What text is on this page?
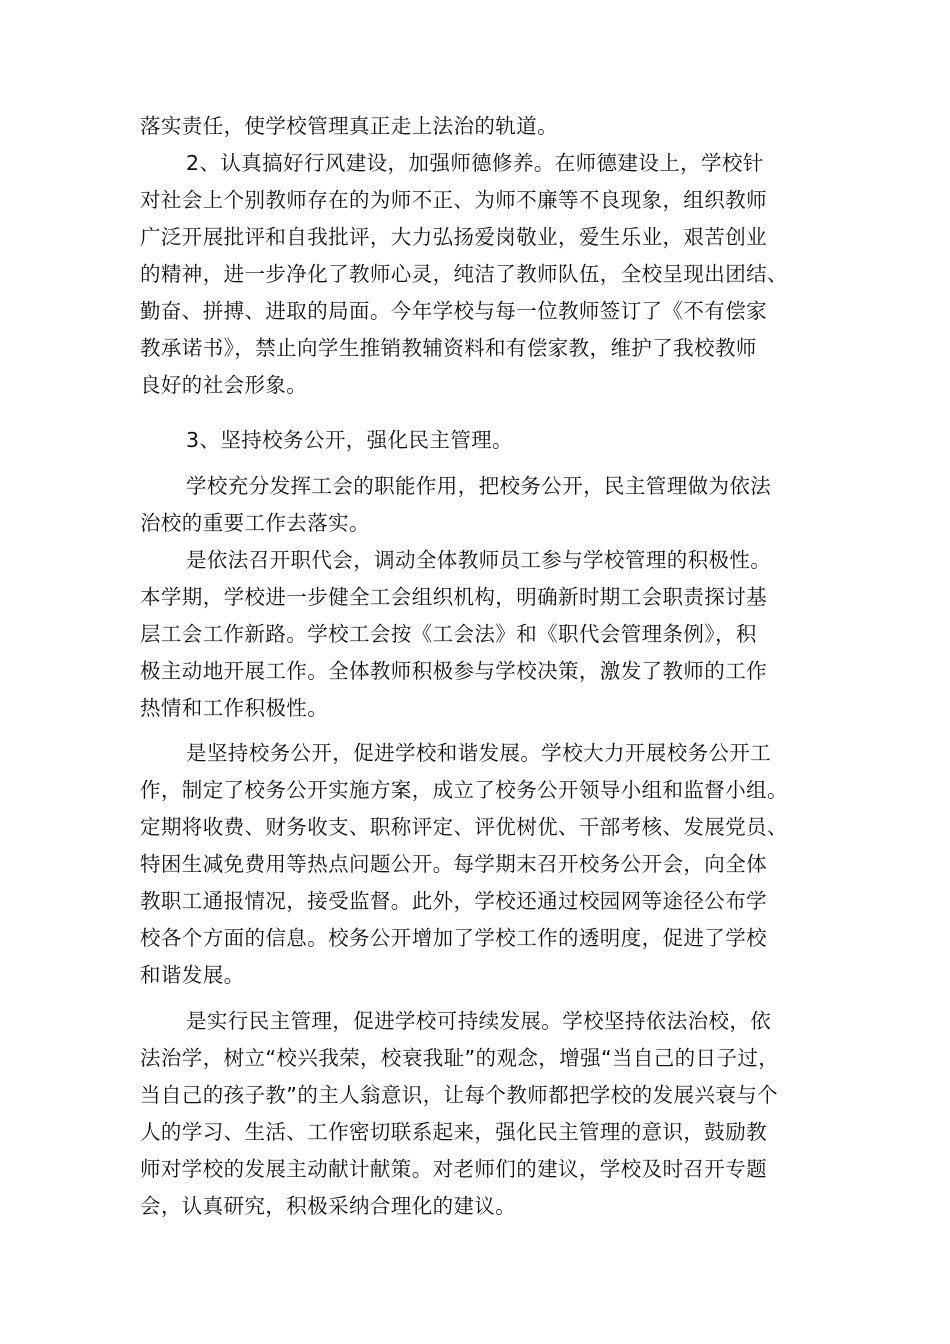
落实责任，使学校管理真正走上法治的轨道。
2、认真搞好行风建设，加强师德修养。在师德建设上，学校针
对社会上个别教师存在的为师不正、为师不廉等不良现象，组织教师
广泛开展批评和自我批评，大力弘扬爱岗敬业，爱生乐业，艰苦创业
的精神，进一步净化了教师心灵，纯洁了教师队伍，全校呈现出团结、
勤奋、拼搏、进取的局面。今年学校与每一位教师签订了《不有偿家
教承诺书》，禁止向学生推销教辅资料和有偿家教，维护了我校教师
良好的社会形象。
3、坚持校务公开，强化民主管理。
学校充分发挥工会的职能作用，把校务公开，民主管理做为依法
治校的重要工作去落实。
是依法召开职代会，调动全体教师员工参与学校管理的积极性。
本学期，学校进一步健全工会组织机构，明确新时期工会职责探讨基
层工会工作新路。学校工会按《工会法》和《职代会管理条例》，积
极主动地开展工作。全体教师积极参与学校决策，激发了教师的工作
热情和工作积极性。
是坚持校务公开，促进学校和谐发展。学校大力开展校务公开工
作，制定了校务公开实施方案，成立了校务公开领导小组和监督小组。
定期将收费、财务收支、职称评定、评优树优、干部考核、发展党员、
特困生减免费用等热点问题公开。每学期末召开校务公开会，向全体
教职工通报情况，接受监督。此外，学校还通过校园网等途径公布学
校各个方面的信息。校务公开增加了学校工作的透明度，促进了学校
和谐发展。
是实行民主管理，促进学校可持续发展。学校坚持依法治校，依
法治学，树立“校兴我荣，校衰我耻”的观念，增强“当自己的日子过，
当自己的孩子教”的主人翁意识，让每个教师都把学校的发展兴衰与个
人的学习、生活、工作密切联系起来，强化民主管理的意识，鼓励教
师对学校的发展主动献计献策。对老师们的建议，学校及时召开专题
会，认真研究，积极采纳合理化的建议。
